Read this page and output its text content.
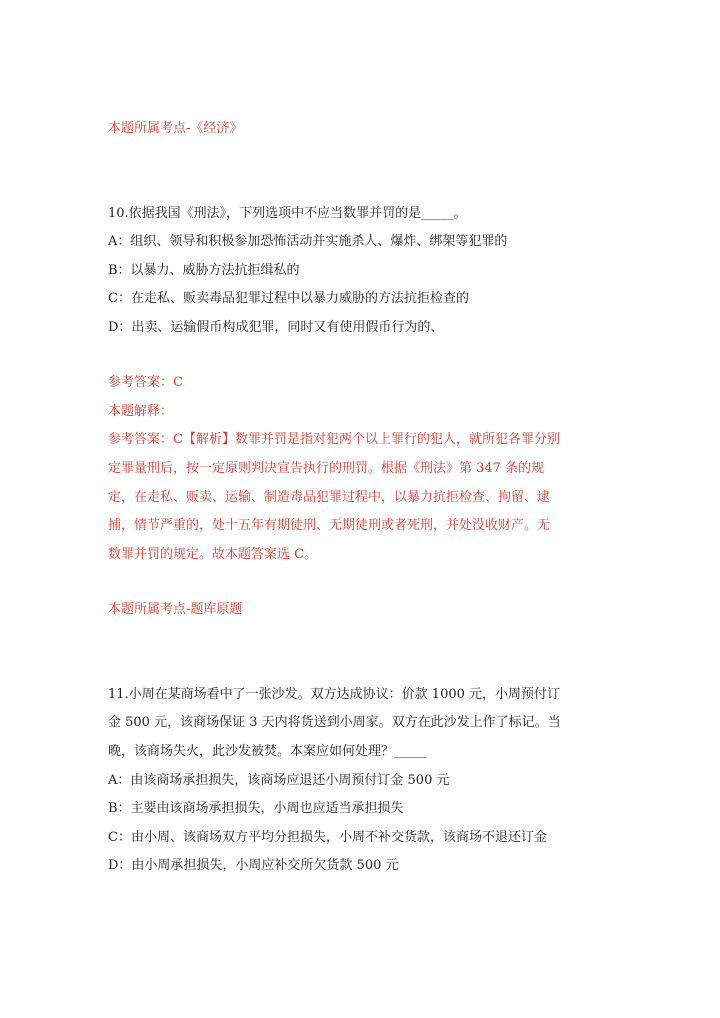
本题所属考点-《经济》
10.依据我国《刑法》，下列选项中不应当数罪并罚的是_____。
A：组织、领导和积极参加恐怖活动并实施杀人、爆炸、绑架等犯罪的
B：以暴力、威胁方法抗拒缉私的
C：在走私、贩卖毒品犯罪过程中以暴力威胁的方法抗拒检查的
D：出卖、运输假币构成犯罪，同时又有使用假币行为的、
参考答案：C
本题解释：
参考答案：C【解析】数罪并罚是指对犯两个以上罪行的犯人，就所犯各罪分别
定罪量刑后，按一定原则判决宣告执行的刑罚。根据《刑法》第 347 条的规
定，在走私、贩卖、运输、制造毒品犯罪过程中，以暴力抗拒检查、拘留、逮
捕，情节严重的，处十五年有期徒刑、无期徒刑或者死刑，并处没收财产。无
数罪并罚的规定。故本题答案选 C。
本题所属考点-题库原题
11.小周在某商场看中了一张沙发。双方达成协议：价款 1000 元，小周预付订
金 500 元，该商场保证 3 天内将货送到小周家。双方在此沙发上作了标记。当
晚，该商场失火，此沙发被焚。本案应如何处理？_____
A：由该商场承担损失，该商场应退还小周预付订金 500 元
B：主要由该商场承担损失，小周也应适当承担损失
C：由小周、该商场双方平均分担损失，小周不补交货款，该商场不退还订金
D：由小周承担损失，小周应补交所欠货款 500 元
